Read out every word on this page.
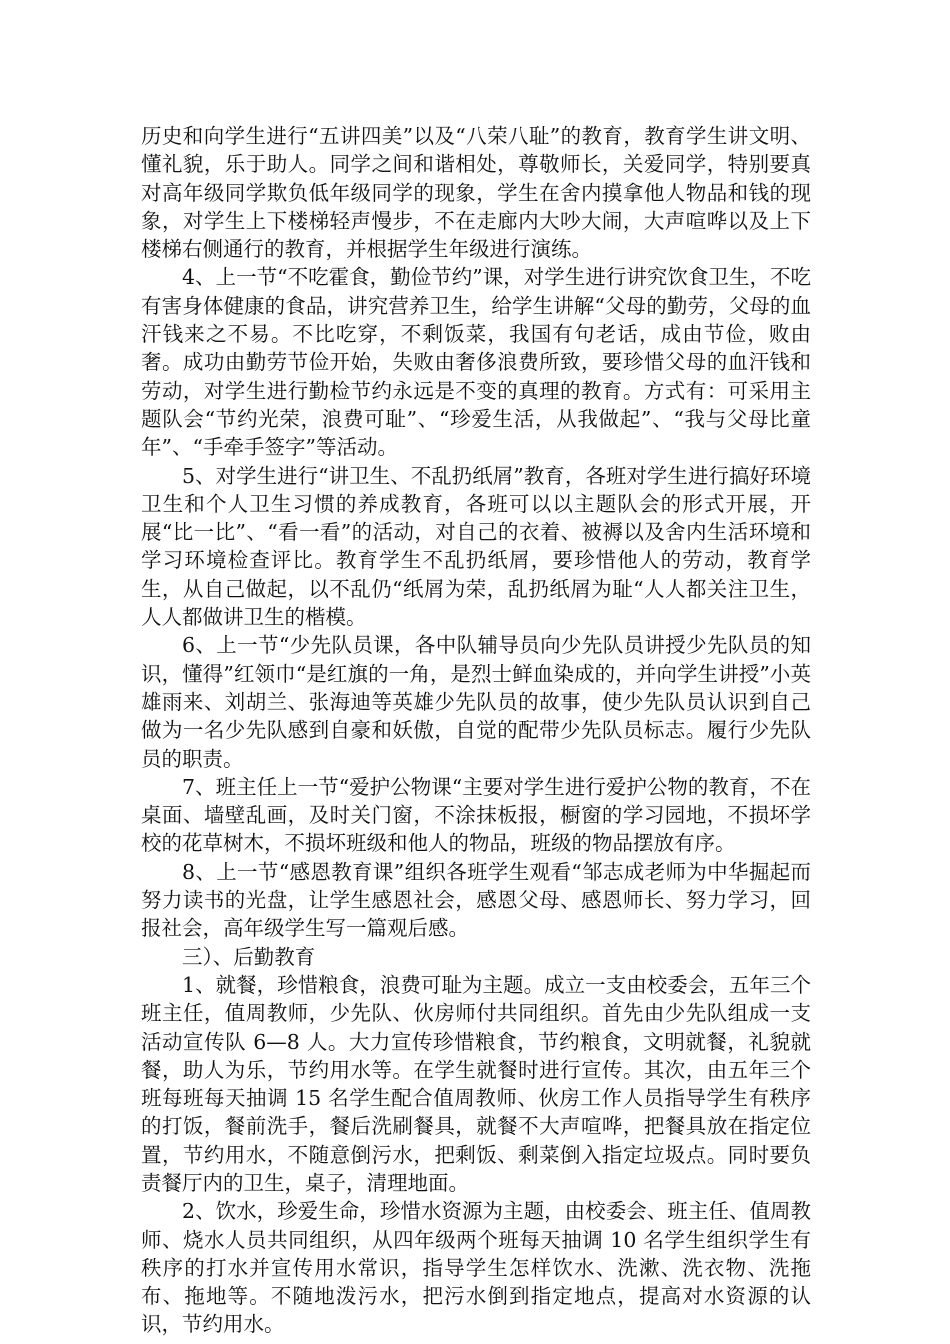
历史和向学生进行“五讲四美”以及“八荣八耻”的教育，教育学生讲文明、懂礼貌，乐于助人。同学之间和谐相处，尊敬师长，关爱同学，特别要真对高年级同学欺负低年级同学的现象，学生在舍内摸拿他人物品和钱的现象，对学生上下楼梯轻声慢步，不在走廊内大吵大闹，大声喧哗以及上下楼梯右侧通行的教育，并根据学生年级进行演练。

4、上一节“不吃霍食，勤俭节约”课，对学生进行讲究饮食卫生，不吃有害身体健康的食品，讲究营养卫生，给学生讲解“父母的勤劳，父母的血汗钱来之不易。不比吃穿，不剩饭菜，我国有句老话，成由节俭，败由奢。成功由勤劳节俭开始，失败由奢侈浪费所致，要珍惜父母的血汗钱和劳动，对学生进行勤检节约永远是不变的真理的教育。方式有：可采用主题队会“节约光荣，浪费可耻”、“珍爱生活，从我做起”、“我与父母比童年”、“手牵手签字”等活动。

5、对学生进行“讲卫生、不乱扔纸屑”教育，各班对学生进行搞好环境卫生和个人卫生习惯的养成教育，各班可以以主题队会的形式开展，开展“比一比”、“看一看”的活动，对自己的衣着、被褥以及舍内生活环境和学习环境检查评比。教育学生不乱扔纸屑，要珍惜他人的劳动，教育学生，从自己做起，以不乱仍“纸屑为荣，乱扔纸屑为耻“人人都关注卫生，人人都做讲卫生的楷模。

6、上一节“少先队员课，各中队辅导员向少先队员讲授少先队员的知识，懂得”红领巾“是红旗的一角，是烈士鲜血染成的，并向学生讲授”小英雄雨来、刘胡兰、张海迪等英雄少先队员的故事，使少先队员认识到自己做为一名少先队感到自豪和妖傲，自觉的配带少先队员标志。履行少先队员的职责。

7、班主任上一节“爱护公物课“主要对学生进行爱护公物的教育，不在桌面、墙壁乱画，及时关门窗，不涂抹板报，橱窗的学习园地，不损坏学校的花草树木，不损坏班级和他人的物品，班级的物品摆放有序。

8、上一节“感恩教育课”组织各班学生观看“邹志成老师为中华掘起而努力读书的光盘，让学生感恩社会，感恩父母、感恩师长、努力学习，回报社会，高年级学生写一篇观后感。

三）、后勤教育

1、就餐，珍惜粮食，浪费可耻为主题。成立一支由校委会，五年三个班主任，值周教师，少先队、伙房师付共同组织。首先由少先队组成一支活动宣传队 6—8 人。大力宣传珍惜粮食，节约粮食，文明就餐，礼貌就餐，助人为乐，节约用水等。在学生就餐时进行宣传。其次，由五年三个班每班每天抽调 15 名学生配合值周教师、伙房工作人员指导学生有秩序的打饭，餐前洗手，餐后洗刷餐具，就餐不大声喧哗，把餐具放在指定位置，节约用水，不随意倒污水，把剩饭、剩菜倒入指定垃圾点。同时要负责餐厅内的卫生，桌子，清理地面。

2、饮水，珍爱生命，珍惜水资源为主题，由校委会、班主任、值周教师、烧水人员共同组织，从四年级两个班每天抽调 10 名学生组织学生有秩序的打水并宣传用水常识，指导学生怎样饮水、洗漱、洗衣物、洗拖布、拖地等。不随地泼污水，把污水倒到指定地点，提高对水资源的认识，节约用水。
